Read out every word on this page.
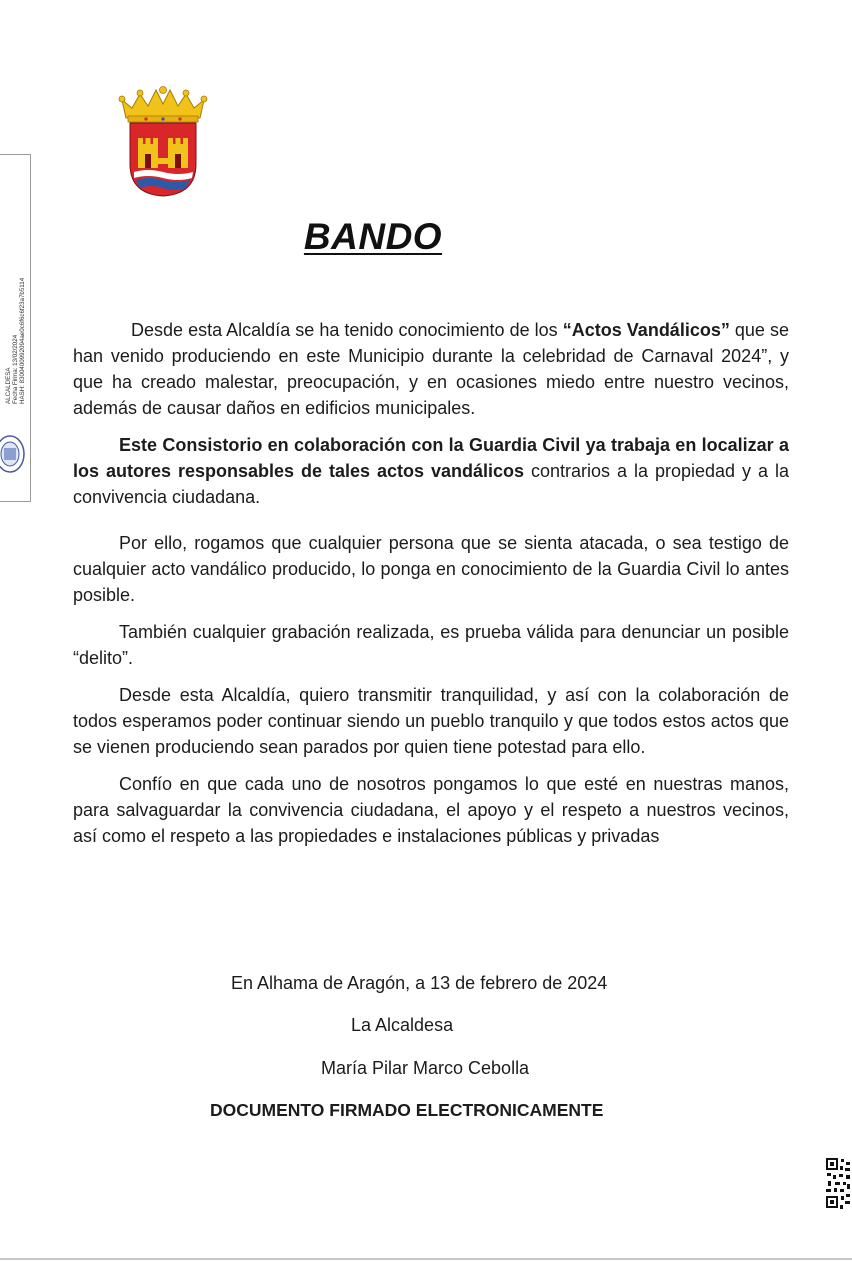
ALCALDESA Fecha Firma: 13/02/2024 HASH: 8300400992094ae0c6f6c6f23a7b5114
BANDO

Desde esta Alcaldía se ha tenido conocimiento de los “Actos Vandálicos” que se han venido produciendo en este Municipio durante la celebridad de Carnaval 2024”, y que ha creado malestar, preocupación, y en ocasiones miedo entre nuestro vecinos, además de causar daños en edificios municipales.

Este Consistorio en colaboración con la Guardia Civil ya trabaja en localizar a los autores responsables de tales actos vandálicos contrarios a la propiedad y a la convivencia ciudadana.

Por ello, rogamos que cualquier persona que se sienta atacada, o sea testigo de cualquier acto vandálico producido, lo ponga en conocimiento de la Guardia Civil lo antes posible.

También cualquier grabación realizada, es prueba válida para denunciar un posible “delito”.

Desde esta Alcaldía, quiero transmitir tranquilidad, y así con la colaboración de todos esperamos poder continuar siendo un pueblo tranquilo y que todos estos actos que se vienen produciendo sean parados por quien tiene potestad para ello.

Confío en que cada uno de nosotros pongamos lo que esté en nuestras manos, para salvaguardar la convivencia ciudadana, el apoyo y el respeto a nuestros vecinos, así como el respeto a las propiedades e instalaciones públicas y privadas

En Alhama de Aragón, a 13 de febrero de 2024
La Alcaldesa
María Pilar Marco Cebolla
DOCUMENTO FIRMADO ELECTRONICAMENTE
